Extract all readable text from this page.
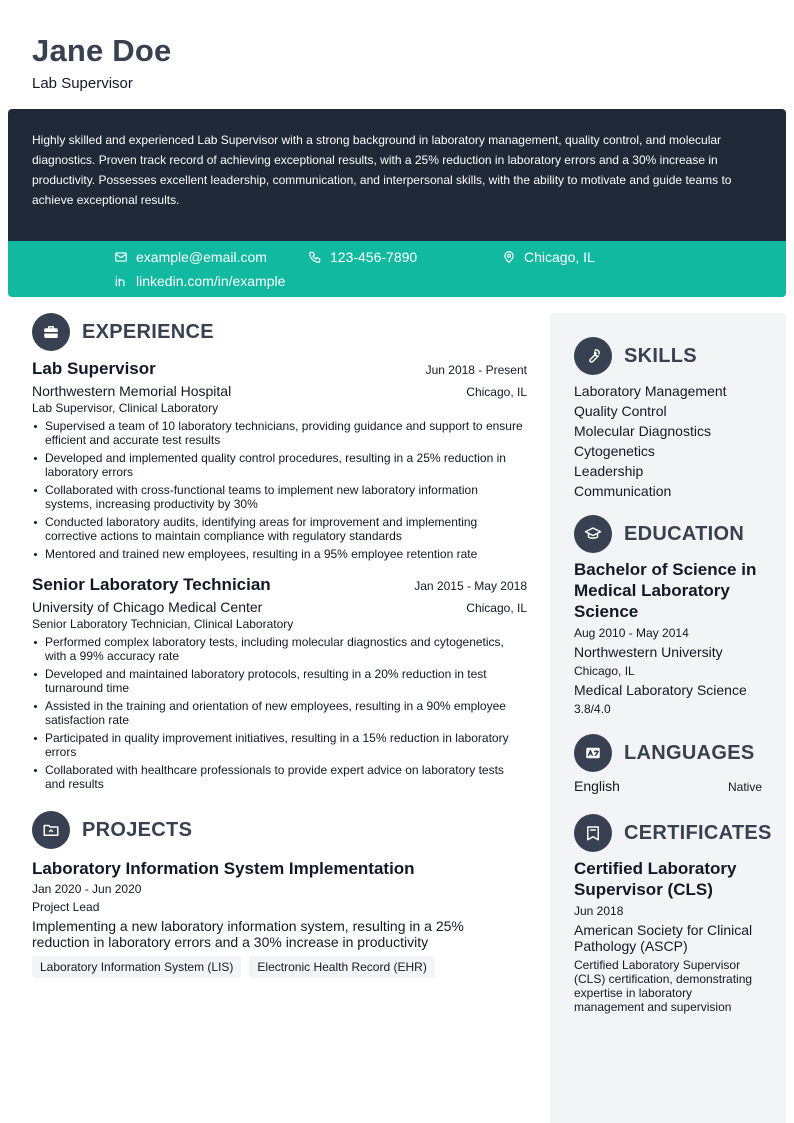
Jane Doe
Lab Supervisor
Highly skilled and experienced Lab Supervisor with a strong background in laboratory management, quality control, and molecular diagnostics. Proven track record of achieving exceptional results, with a 25% reduction in laboratory errors and a 30% increase in productivity. Possesses excellent leadership, communication, and interpersonal skills, with the ability to motivate and guide teams to achieve exceptional results.
example@email.com	123-456-7890	Chicago, IL
linkedin.com/in/example
EXPERIENCE
Lab Supervisor	Jun 2018 - Present
Northwestern Memorial Hospital	Chicago, IL
Lab Supervisor, Clinical Laboratory
Supervised a team of 10 laboratory technicians, providing guidance and support to ensure efficient and accurate test results
Developed and implemented quality control procedures, resulting in a 25% reduction in laboratory errors
Collaborated with cross-functional teams to implement new laboratory information systems, increasing productivity by 30%
Conducted laboratory audits, identifying areas for improvement and implementing corrective actions to maintain compliance with regulatory standards
Mentored and trained new employees, resulting in a 95% employee retention rate
Senior Laboratory Technician	Jan 2015 - May 2018
University of Chicago Medical Center	Chicago, IL
Senior Laboratory Technician, Clinical Laboratory
Performed complex laboratory tests, including molecular diagnostics and cytogenetics, with a 99% accuracy rate
Developed and maintained laboratory protocols, resulting in a 20% reduction in test turnaround time
Assisted in the training and orientation of new employees, resulting in a 90% employee satisfaction rate
Participated in quality improvement initiatives, resulting in a 15% reduction in laboratory errors
Collaborated with healthcare professionals to provide expert advice on laboratory tests and results
PROJECTS
Laboratory Information System Implementation
Jan 2020 - Jun 2020
Project Lead
Implementing a new laboratory information system, resulting in a 25% reduction in laboratory errors and a 30% increase in productivity
Laboratory Information System (LIS)	Electronic Health Record (EHR)
SKILLS
Laboratory Management
Quality Control
Molecular Diagnostics
Cytogenetics
Leadership
Communication
EDUCATION
Bachelor of Science in Medical Laboratory Science
Aug 2010 - May 2014
Northwestern University
Chicago, IL
Medical Laboratory Science
3.8/4.0
LANGUAGES
English	Native
CERTIFICATES
Certified Laboratory Supervisor (CLS)
Jun 2018
American Society for Clinical Pathology (ASCP)
Certified Laboratory Supervisor (CLS) certification, demonstrating expertise in laboratory management and supervision
